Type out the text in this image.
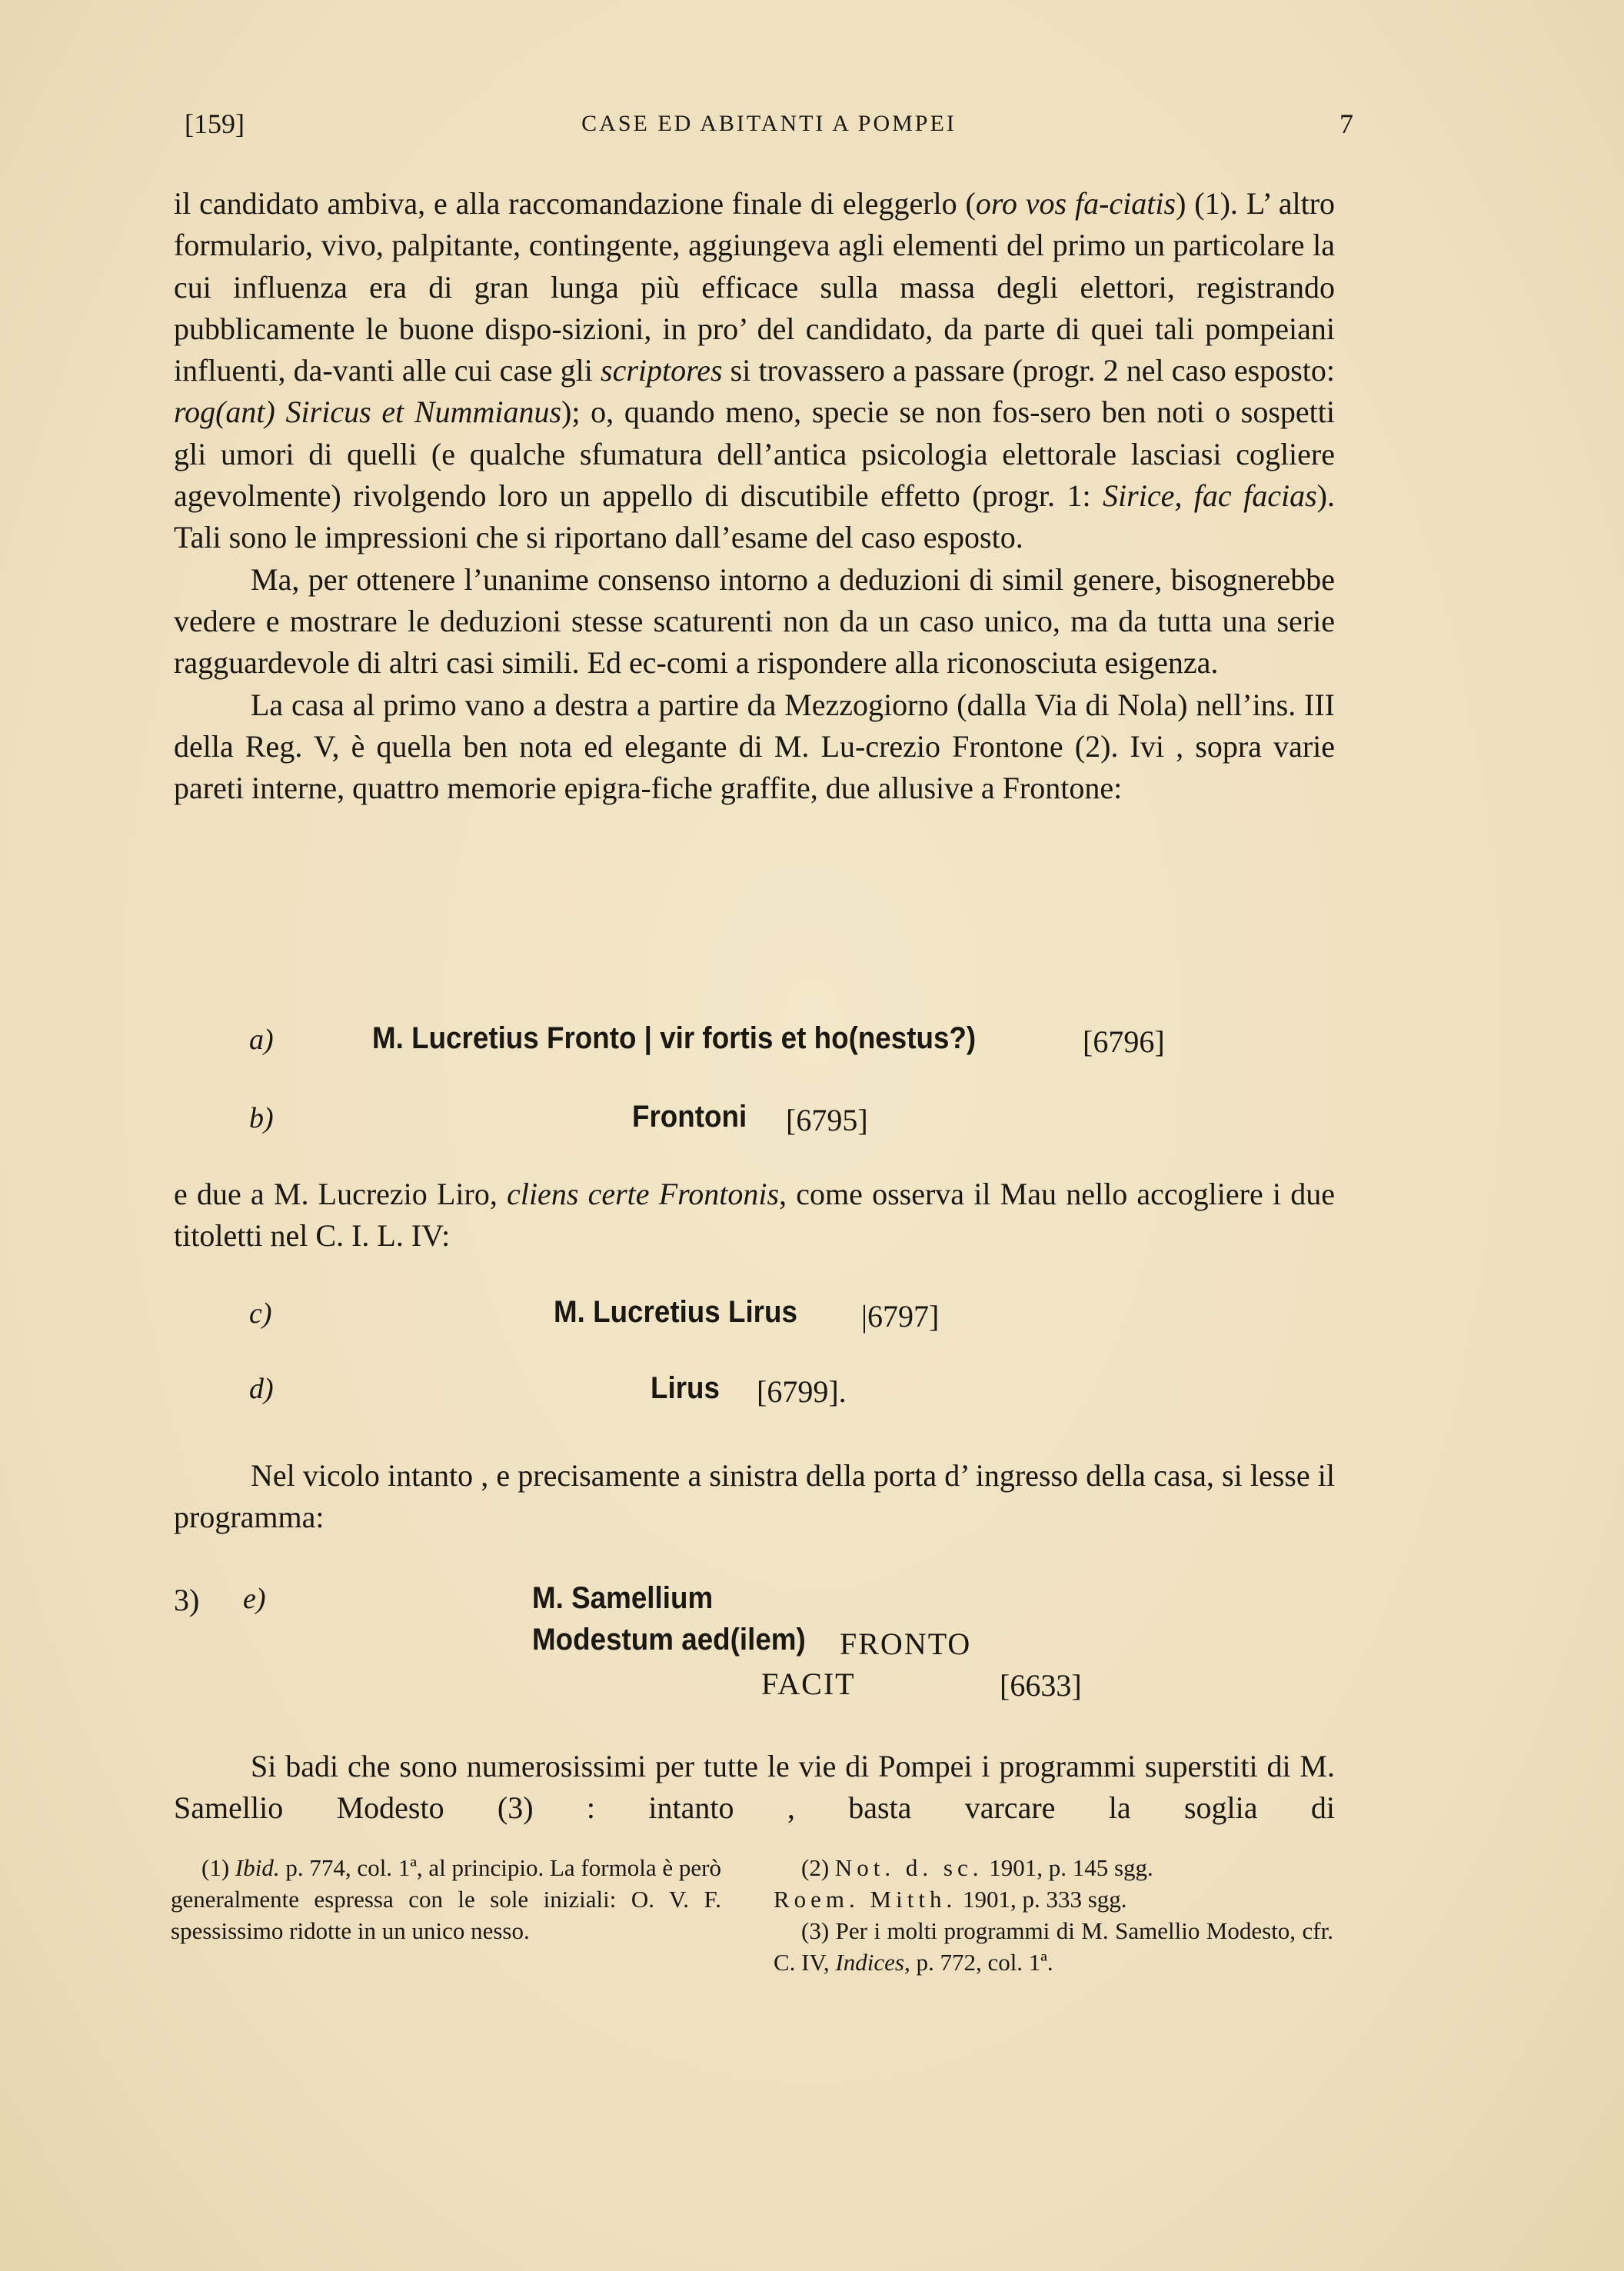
[159]	CASE ED ABITANTI A POMPEI	7

il candidato ambiva, e alla raccomandazione finale di eleggerlo (oro vos fa-ciatis) (1). L’ altro formulario, vivo, palpitante, contingente, aggiungeva agli elementi del primo un particolare la cui influenza era di gran lunga più efficace sulla massa degli elettori, registrando pubblicamente le buone dispo-sizioni, in pro’ del candidato, da parte di quei tali pompeiani influenti, da-vanti alle cui case gli scriptores si trovassero a passare (progr. 2 nel caso esposto: rog(ant) Siricus et Nummianus); o, quando meno, specie se non fos-sero ben noti o sospetti gli umori di quelli (e qualche sfumatura dell’antica psicologia elettorale lasciasi cogliere agevolmente) rivolgendo loro un appello di discutibile effetto (progr. 1: Sirice, fac facias). Tali sono le impressioni che si riportano dall’esame del caso esposto.

Ma, per ottenere l’unanime consenso intorno a deduzioni di simil genere, bisognerebbe vedere e mostrare le deduzioni stesse scaturenti non da un caso unico, ma da tutta una serie ragguardevole di altri casi simili. Ed ec-comi a rispondere alla riconosciuta esigenza.

La casa al primo vano a destra a partire da Mezzogiorno (dalla Via di Nola) nell’ins. III della Reg. V, è quella ben nota ed elegante di M. Lu-crezio Frontone (2). Ivi , sopra varie pareti interne, quattro memorie epigra-fiche graffite, due allusive a Frontone:

a)	M. Lucretius Fronto | vir fortis et ho(nestus?)	[6796]
b)	Frontoni	[6795]

e due a M. Lucrezio Liro, cliens certe Frontonis, come osserva il Mau nello accogliere i due titoletti nel C. I. L. IV:

c)	M. Lucretius Lirus	|6797]
d)	Lirus [6799].

Nel vicolo intanto , e precisamente a sinistra della porta d’ ingresso della casa, si lesse il programma:

3) e)	M. Samellium
Modestum aed(ilem)	FRONTO
FACIT	[6633]

Si badi che sono numerosissimi per tutte le vie di Pompei i programmi superstiti di M. Samellio Modesto (3) : intanto , basta varcare la soglia di

(1) Ibid. p. 774, col. 1ª, al principio. La formola è però generalmente espressa con le sole iniziali: O. V. F. spessissimo ridotte in un unico nesso.

(2) Not. d. sc. 1901, p. 145 sgg.

Roem. Mitth. 1901, p. 333 sgg.

(3) Per i molti programmi di M. Samellio Modesto, cfr. C. IV, Indices, p. 772, col. 1ª.
